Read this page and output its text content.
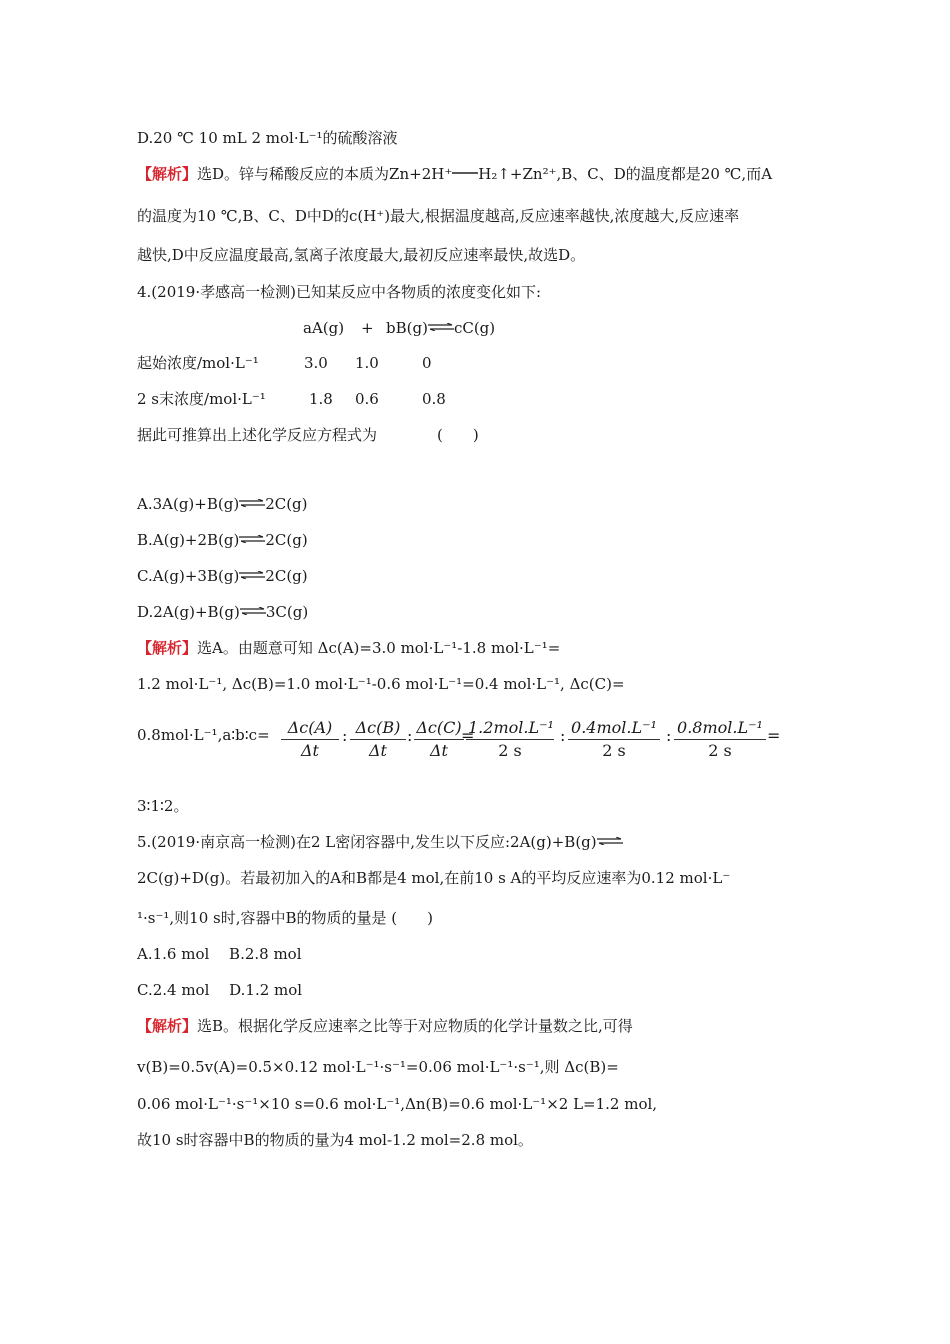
D.20 ℃ 10 mL 2 mol·L⁻¹的硫酸溶液
【解析】选D。锌与稀酸反应的本质为Zn+2H⁺ H₂↑+Zn²⁺,B、C、D的温度都是20 ℃,而A
的温度为10 ℃,B、C、D中D的c(H⁺)最大,根据温度越高,反应速率越快,浓度越大,反应速率
越快,D中反应温度最高,氢离子浓度最大,最初反应速率最快,故选D。
4.(2019·孝感高一检测)已知某反应中各物质的浓度变化如下:
aA(g) + bB(g)⇌cC(g)
起始浓度/mol·L⁻¹	3.0 1.0	0
2 s末浓度/mol·L⁻¹	1.8 0.6	0.8
据此可推算出上述化学反应方程式为	(　　)
A.3A(g)+B(g)⇌2C(g)
B.A(g)+2B(g)⇌2C(g)
C.A(g)+3B(g)⇌2C(g)
D.2A(g)+B(g)⇌3C(g)
【解析】选A。由题意可知 Δc(A)=3.0 mol·L⁻¹-1.8 mol·L⁻¹=
1.2 mol·L⁻¹, Δc(B)=1.0 mol·L⁻¹-0.6 mol·L⁻¹=0.4 mol·L⁻¹, Δc(C)=
0.8mol·L⁻¹,a∶b∶c= $\frac{\Delta c(A)}{\Delta t}$ : $\frac{\Delta c(B)}{\Delta t}$ : $\frac{\Delta c(C)}{\Delta t}$
=
1.2mol.L⁻¹
2 s
: 0.4mol.L⁻¹
2 s
: 0.8mol.L⁻¹
2 s
=
3∶1∶2。
5.(2019·南京高一检测)在2 L密闭容器中,发生以下反应:2A(g)+B(g)⇌
2C(g)+D(g)。若最初加入的A和B都是4 mol,在前10 s A的平均反应速率为0.12 mol·L⁻
¹·s⁻¹,则10 s时,容器中B的物质的量是 (　　)
A.1.6 mol　 B.2.8 mol
C.2.4 mol　 D.1.2 mol
【解析】选B。根据化学反应速率之比等于对应物质的化学计量数之比,可得
v(B)=0.5v(A)=0.5×0.12 mol·L⁻¹·s⁻¹=0.06 mol·L⁻¹·s⁻¹,则 Δc(B)=
0.06 mol·L⁻¹·s⁻¹×10 s=0.6 mol·L⁻¹,Δn(B)=0.6 mol·L⁻¹×2 L=1.2 mol,
故10 s时容器中B的物质的量为4 mol-1.2 mol=2.8 mol。
